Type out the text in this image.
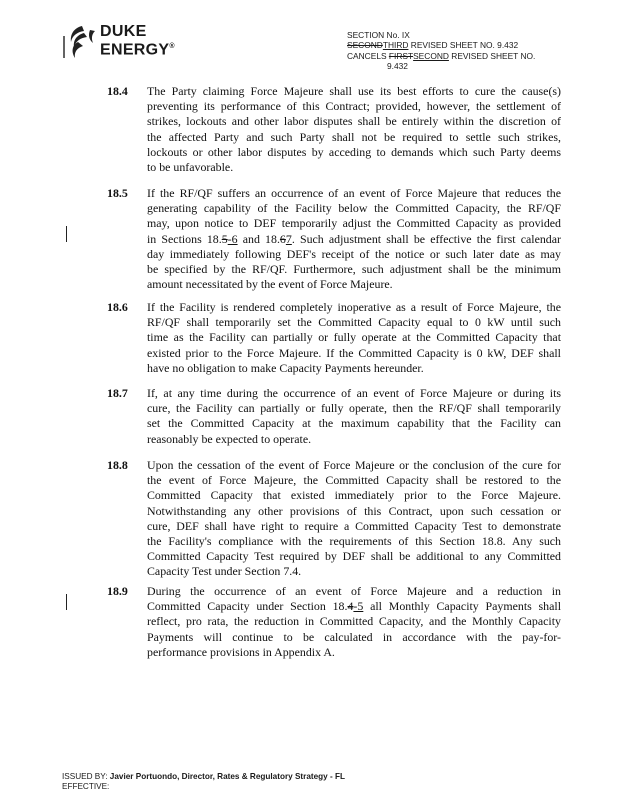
DUKE
ENERGY®
SECTION No. IX
SECONDTHIRD REVISED SHEET NO. 9.432
CANCELS FIRSTSECOND REVISED SHEET NO.
9.432
18.4 The Party claiming Force Majeure shall use its best efforts to cure the cause(s)
preventing its performance of this Contract; provided, however, the settlement of
strikes, lockouts and other labor disputes shall be entirely within the discretion of
the affected Party and such Party shall not be required to settle such strikes,
lockouts or other labor disputes by acceding to demands which such Party deems
to be unfavorable.
18.5 If the RF/QF suffers an occurrence of an event of Force Majeure that reduces the
generating capability of the Facility below the Committed Capacity, the RF/QF
may, upon notice to DEF temporarily adjust the Committed Capacity as provided
in Sections 18.5-6 and 18.67. Such adjustment shall be effective the first calendar
day immediately following DEF's receipt of the notice or such later date as may
be specified by the RF/QF. Furthermore, such adjustment shall be the minimum
amount necessitated by the event of Force Majeure.
18.6 If the Facility is rendered completely inoperative as a result of Force Majeure, the
RF/QF shall temporarily set the Committed Capacity equal to 0 kW until such
time as the Facility can partially or fully operate at the Committed Capacity that
existed prior to the Force Majeure. If the Committed Capacity is 0 kW, DEF shall
have no obligation to make Capacity Payments hereunder.
18.7 If, at any time during the occurrence of an event of Force Majeure or during its
cure, the Facility can partially or fully operate, then the RF/QF shall temporarily
set the Committed Capacity at the maximum capability that the Facility can
reasonably be expected to operate.
18.8 Upon the cessation of the event of Force Majeure or the conclusion of the cure for
the event of Force Majeure, the Committed Capacity shall be restored to the
Committed Capacity that existed immediately prior to the Force Majeure.
Notwithstanding any other provisions of this Contract, upon such cessation or
cure, DEF shall have right to require a Committed Capacity Test to demonstrate
the Facility's compliance with the requirements of this Section 18.8. Any such
Committed Capacity Test required by DEF shall be additional to any Committed
Capacity Test under Section 7.4.
18.9 During the occurrence of an event of Force Majeure and a reduction in
Committed Capacity under Section 18.4-5 all Monthly Capacity Payments shall
reflect, pro rata, the reduction in Committed Capacity, and the Monthly Capacity
Payments will continue to be calculated in accordance with the pay-for-
performance provisions in Appendix A.
ISSUED BY: Javier Portuondo, Director, Rates & Regulatory Strategy - FL
EFFECTIVE:
